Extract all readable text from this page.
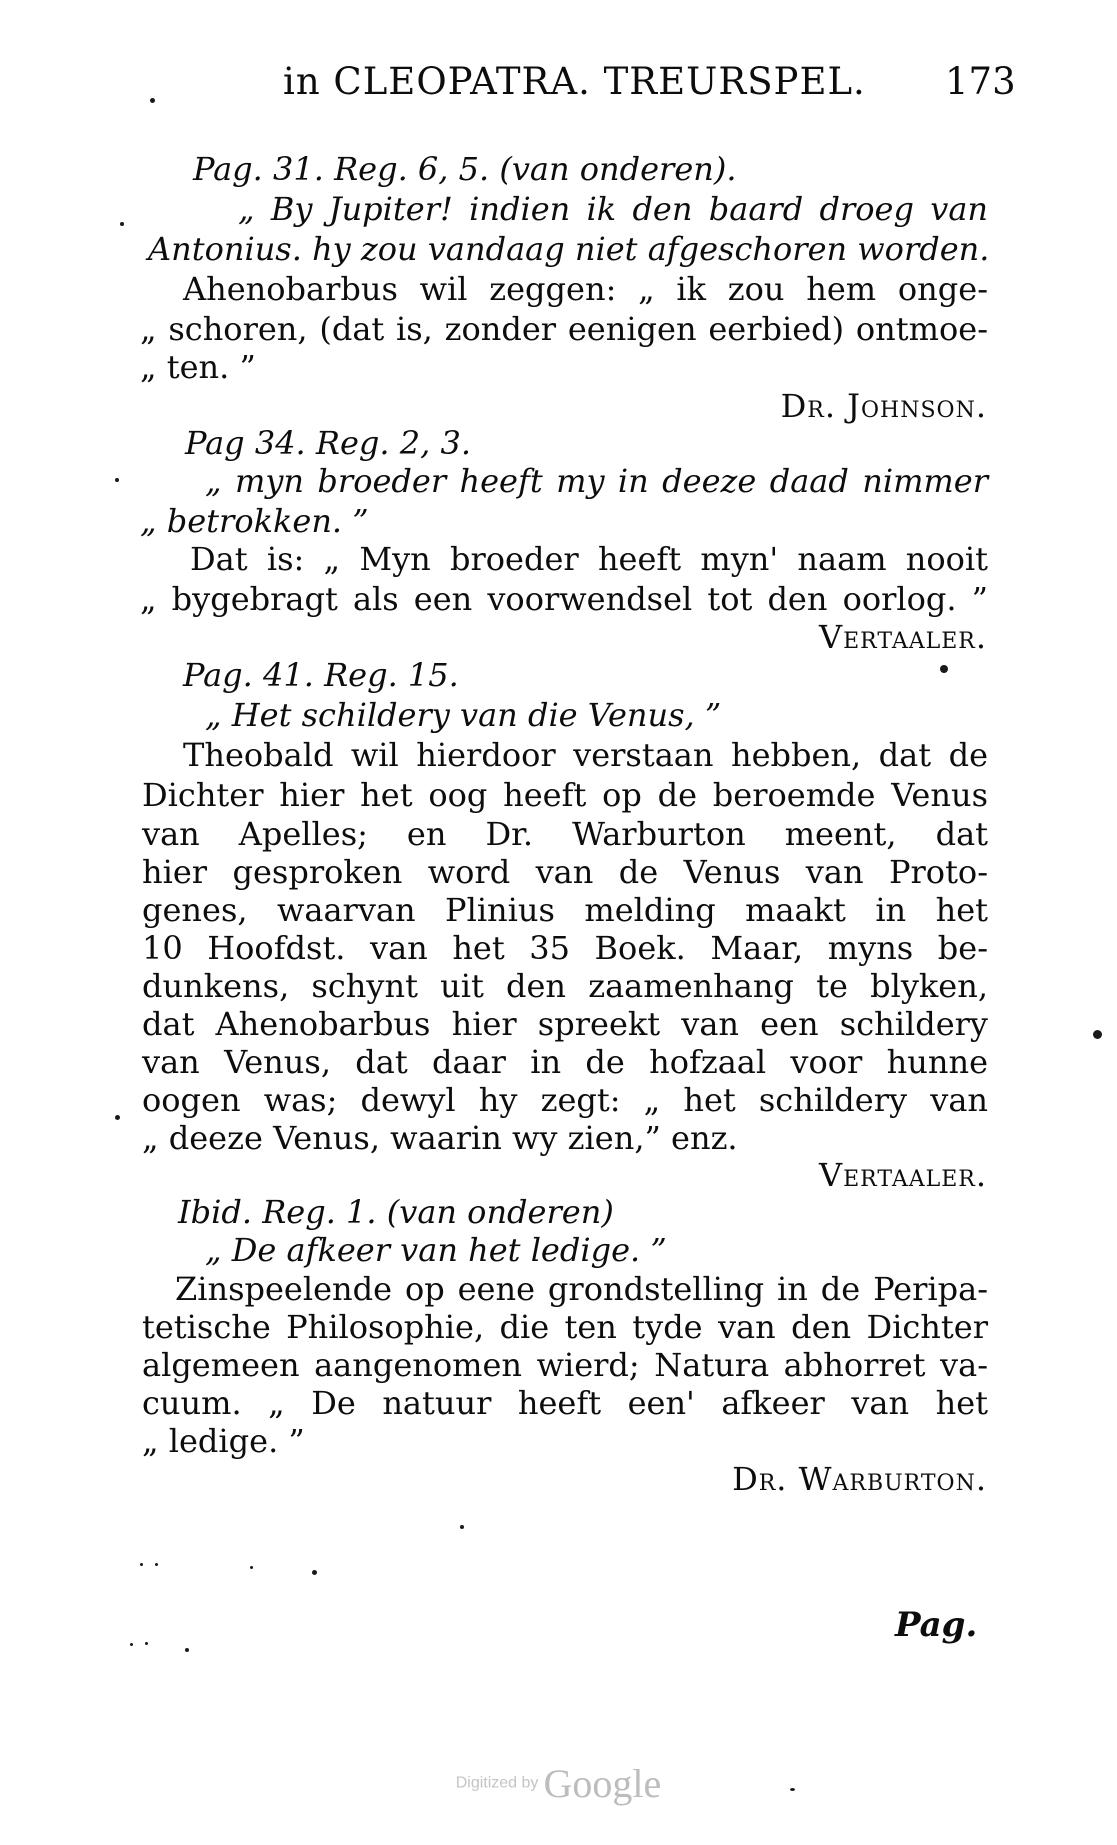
in CLEOPATRA. TREURSPEL. 173
Pag. 31. Reg. 6, 5. (van onderen).
„ By Jupiter! indien ik den baard droeg van
Antonius. hy zou vandaag niet afgeschoren worden.
Ahenobarbus wil zeggen: „ ik zou hem onge-
„ schoren, (dat is, zonder eenigen eerbied) ontmoe-
„ ten. ”
Dr. Johnson.
Pag 34. Reg. 2, 3.
„ myn broeder heeft my in deeze daad nimmer
„ betrokken. ”
Dat is: „ Myn broeder heeft myn' naam nooit
„ bygebragt als een voorwendsel tot den oorlog. ”
Vertaaler.
Pag. 41. Reg. 15.
„ Het schildery van die Venus, ”
Theobald wil hierdoor verstaan hebben, dat de
Dichter hier het oog heeft op de beroemde Venus
van Apelles; en Dr. Warburton meent, dat
hier gesproken word van de Venus van Proto-
genes, waarvan Plinius melding maakt in het
10 Hoofdst. van het 35 Boek. Maar, myns be-
dunkens, schynt uit den zaamenhang te blyken,
dat Ahenobarbus hier spreekt van een schildery
van Venus, dat daar in de hofzaal voor hunne
oogen was; dewyl hy zegt: „ het schildery van
„ deeze Venus, waarin wy zien,” enz.
Vertaaler.
Ibid. Reg. 1. (van onderen)
„ De afkeer van het ledige. ”
Zinspeelende op eene grondstelling in de Peripa-
tetische Philosophie, die ten tyde van den Dichter
algemeen aangenomen wierd; Natura abhorret va-
cuum. „ De natuur heeft een' afkeer van het
„ ledige. ”
Dr. Warburton.
Pag.
Digitized by Google
